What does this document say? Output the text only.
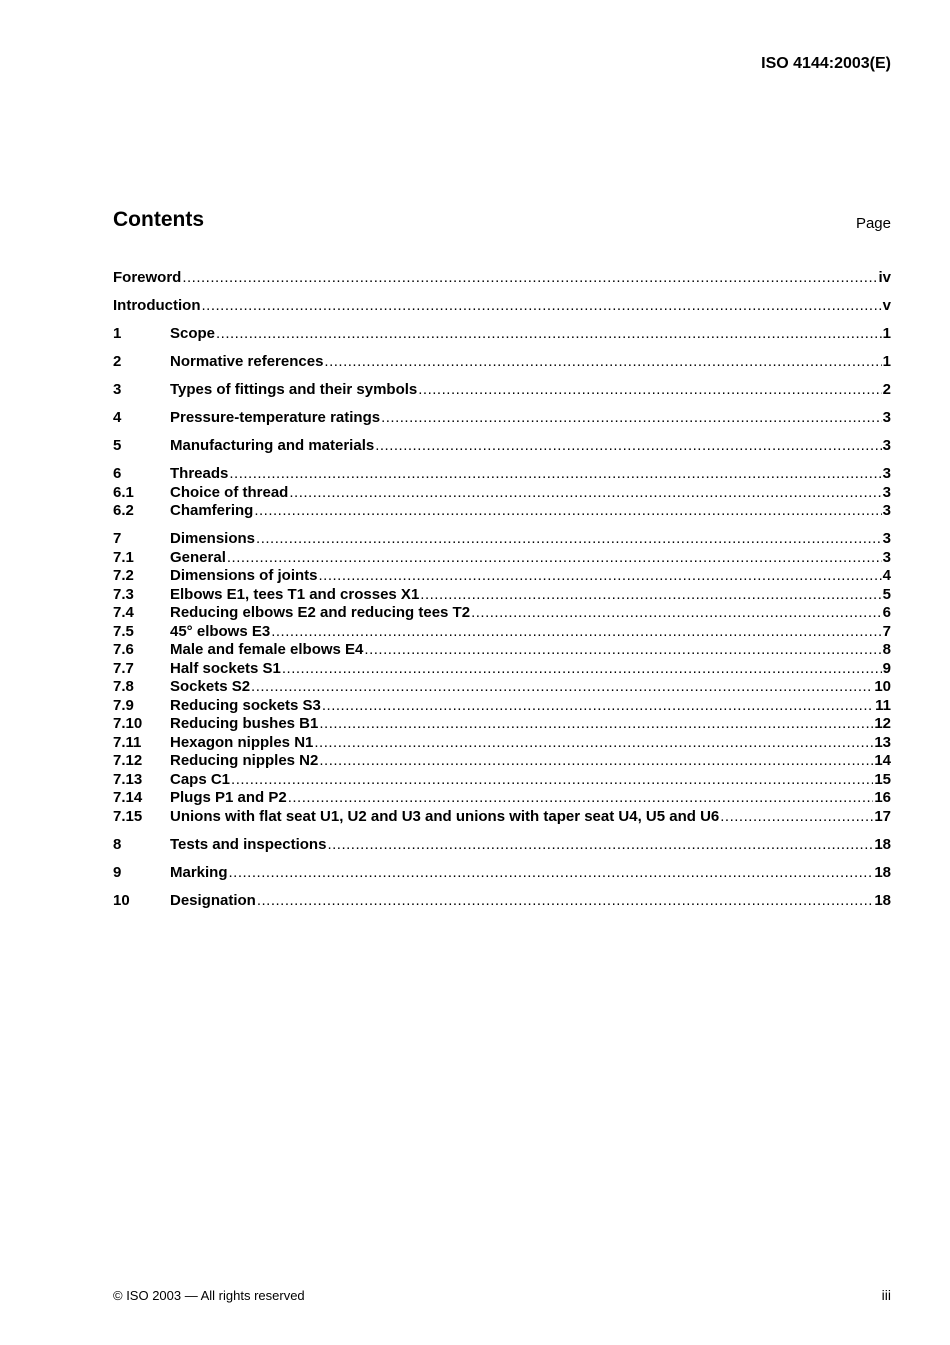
ISO 4144:2003(E)
Contents	Page
Foreword .....	iv
Introduction .....	v
1	Scope .....	1
2	Normative references .....	1
3	Types of fittings and their symbols .....	2
4	Pressure-temperature ratings .....	3
5	Manufacturing and materials .....	3
6	Threads .....	3
6.1	Choice of thread .....	3
6.2	Chamfering .....	3
7	Dimensions .....	3
7.1	General .....	3
7.2	Dimensions of joints .....	4
7.3	Elbows E1, tees T1 and crosses X1 .....	5
7.4	Reducing elbows E2 and reducing tees T2 .....	6
7.5	45° elbows E3 .....	7
7.6	Male and female elbows E4 .....	8
7.7	Half sockets S1 .....	9
7.8	Sockets S2 .....	10
7.9	Reducing sockets S3 .....	11
7.10	Reducing bushes B1 .....	12
7.11	Hexagon nipples N1 .....	13
7.12	Reducing nipples N2 .....	14
7.13	Caps C1 .....	15
7.14	Plugs P1 and P2 .....	16
7.15	Unions with flat seat U1, U2 and U3 and unions with taper seat U4, U5 and U6 .....	17
8	Tests and inspections .....	18
9	Marking .....	18
10	Designation .....	18
© ISO 2003 — All rights reserved	iii
